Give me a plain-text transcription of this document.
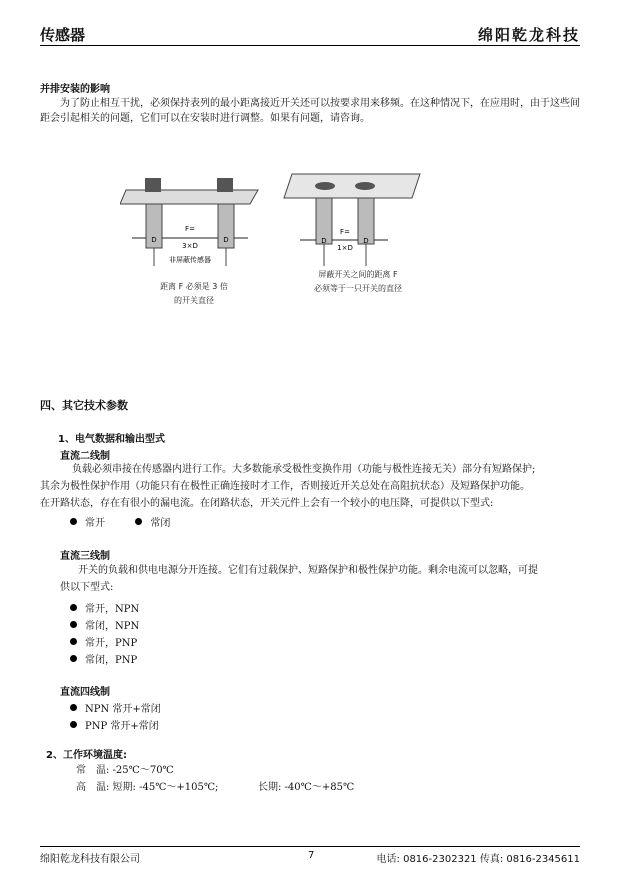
传感器	绵阳乾龙科技
并排安装的影响
为了防止相互干扰，必须保持表列的最小距离接近开关还可以按要求用来移频。在这种情况下，在应用时，由于这些间距会引起相关的问题，它们可以在安装时进行调整。如果有问题，请咨询。
F=
3×D
D	D
非屏蔽传感器
F=
1×D
D	D
距离 F 必须是 3 倍
的开关直径
屏蔽开关之间的距离 F
必须等于一只开关的直径
四、其它技术参数
1、电气数据和输出型式
直流二线制
负载必须串接在传感器内进行工作。大多数能承受极性变换作用（功能与极性连接无关）部分有短路保护;
其余为极性保护作用（功能只有在极性正确连接时才工作，否则接近开关总处在高阻抗状态）及短路保护功能。
在开路状态，存在有很小的漏电流。在闭路状态，开关元件上会有一个较小的电压降，可提供以下型式:
常开	常闭
直流三线制
开关的负载和供电电源分开连接。它们有过载保护、短路保护和极性保护功能。剩余电流可以忽略，可提
供以下型式:
常开，NPN
常闭，NPN
常开，PNP
常闭，PNP
直流四线制
NPN 常开+常闭
PNP 常开+常闭
2、工作环境温度:
常　温: -25℃～70℃
高　温: 短期: -45℃～+105℃;	长期: -40℃～+85℃
绵阳乾龙科技有限公司	7	电话: 0816-2302321 传真: 0816-2345611
